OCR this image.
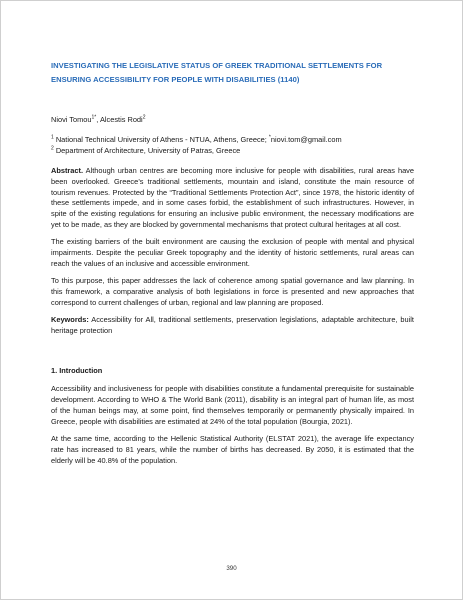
INVESTIGATING THE LEGISLATIVE STATUS OF GREEK TRADITIONAL SETTLEMENTS FOR ENSURING ACCESSIBILITY FOR PEOPLE WITH DISABILITIES (1140)
Niovi Tomou$^{1*}$, Alcestis Rodi$^2$

$^1$ National Technical University of Athens - NTUA, Athens, Greece; *niovi.tom@gmail.com

$^2$ Department of Architecture, University of Patras, Greece

Abstract. Although urban centres are becoming more inclusive for people with disabilities, rural areas have been overlooked. Greece’s traditional settlements, mountain and island, constitute the main resource of tourism revenues. Protected by the “Traditional Settlements Protection Act”, since 1978, the historic identity of these settlements impede, and in some cases forbid, the establishment of such infrastructures. However, in spite of the existing regulations for ensuring an inclusive public environment, the necessary modifications are yet to be made, as they are blocked by governmental mechanisms that protect cultural heritages at all cost.

The existing barriers of the built environment are causing the exclusion of people with mental and physical impairments. Despite the peculiar Greek topography and the identity of historic settlements, rural areas can reach the values of an inclusive and accessible environment.

To this purpose, this paper addresses the lack of coherence among spatial governance and law planning. In this framework, a comparative analysis of both legislations in force is presented and new approaches that correspond to current challenges of urban, regional and law planning are proposed.

Keywords: Accessibility for All, traditional settlements, preservation legislations, adaptable architecture, built heritage protection

1. Introduction

Accessibility and inclusiveness for people with disabilities constitute a fundamental prerequisite for sustainable development. According to WHO & The World Bank (2011), disability is an integral part of human life, as most of the human beings may, at some point, find themselves temporarily or permanently physically impaired. In Greece, people with disabilities are estimated at 24% of the total population (Bourgia, 2021).

At the same time, according to the Hellenic Statistical Authority (ELSTAT 2021), the average life expectancy rate has increased to 81 years, while the number of births has decreased. By 2050, it is estimated that the elderly will be 40.8% of the population.

390
